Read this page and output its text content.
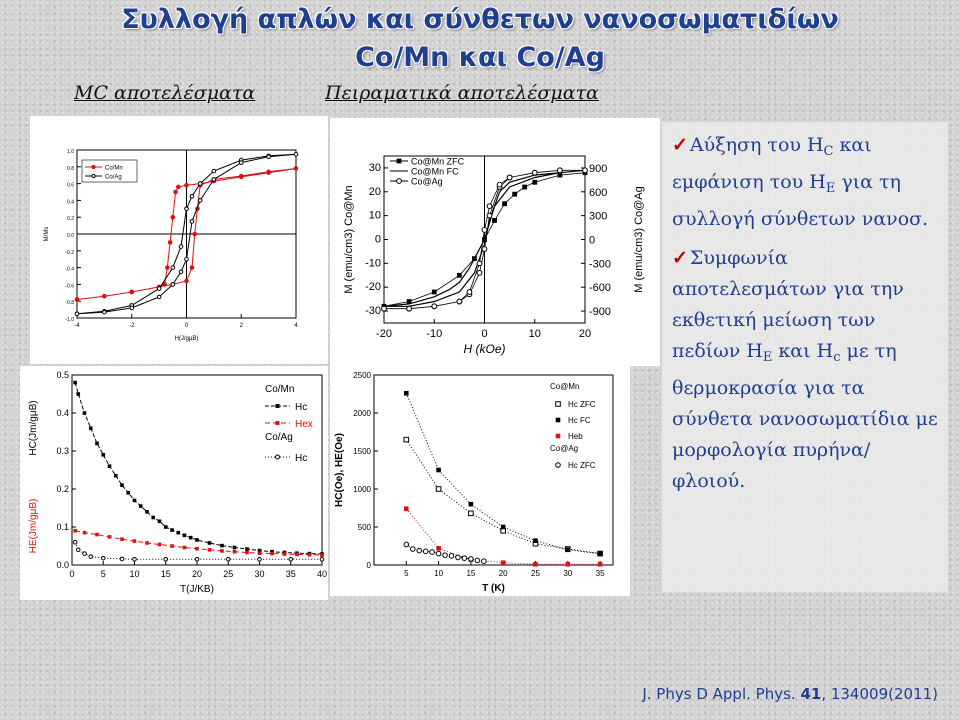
Συλλογή απλών και σύνθετων νανοσωματιδίων
Co/Mn και Co/Ag
MC αποτελέσματα	Πειραματικά αποτελέσματα
-4	-2	0	2	4
-1.0
-0.8
-0.6
-0.4
-0.2
0.0
0.2
0.4
0.6
0.8
1.0
H(J/gμB)
M/Ms
Co/Mn
Co/Ag
-20	-10	0	10	20
-30
-20
-10
0
10
20
30
-900
-600
-300
0
300
600
900
H (kOe)
M (emu/cm3) Co@Mn	M (emu/cm3) Co@Ag
Co@Mn ZFC
Co@Mn FC
Co@Ag
0	5	10 15 20 25 30 35 40
0.0
0.1
0.2
0.3
0.4
0.5
T(J/KB)
HC(Jm/gμB)
HE(Jm/gμB)
Co/Mn
Co/Ag
Hc
Hex
Hc
5	10	15	20	25	30	35
0
500
1000
1500
2000
2500
T (K)
HC(Oe), HE(Oe)
Co@Mn
Co@Ag
Hc ZFC
Hc FC
Heb
Hc ZFC
✓ Αύξηση του $H_C$ και εμφάνιση του $H_E$ για τη συλλογή σύνθετων νανοσ.
✓ Συμφωνία αποτελεσμάτων για την εκθετική μείωση των πεδίων $H_E$ και $H_c$ με τη θερμοκρασία για τα σύνθετα νανοσωματίδια με μορφολογία πυρήνα/φλοιού.
J. Phys D Appl. Phys. 41, 134009(2011)
